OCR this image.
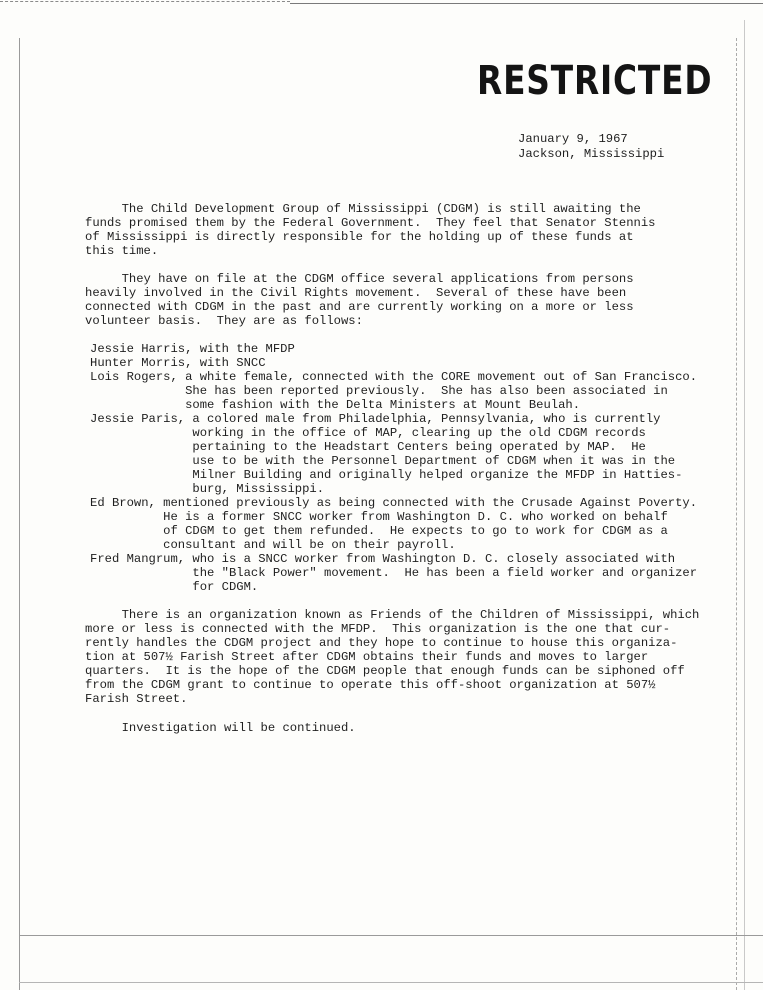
RESTRICTED
January 9, 1967
Jackson, Mississippi
The Child Development Group of Mississippi (CDGM) is still awaiting the
funds promised them by the Federal Government.  They feel that Senator Stennis
of Mississippi is directly responsible for the holding up of these funds at
this time.
They have on file at the CDGM office several applications from persons
heavily involved in the Civil Rights movement.  Several of these have been
connected with CDGM in the past and are currently working on a more or less
volunteer basis.  They are as follows:
Jessie Harris, with the MFDP
Hunter Morris, with SNCC
Lois Rogers, a white female, connected with the CORE movement out of San Francisco.
She has been reported previously.  She has also been associated in
some fashion with the Delta Ministers at Mount Beulah.
Jessie Paris, a colored male from Philadelphia, Pennsylvania, who is currently
working in the office of MAP, clearing up the old CDGM records
pertaining to the Headstart Centers being operated by MAP.  He
use to be with the Personnel Department of CDGM when it was in the
Milner Building and originally helped organize the MFDP in Hatties-
burg, Mississippi.
Ed Brown, mentioned previously as being connected with the Crusade Against Poverty.
He is a former SNCC worker from Washington D. C. who worked on behalf
of CDGM to get them refunded.  He expects to go to work for CDGM as a
consultant and will be on their payroll.
Fred Mangrum, who is a SNCC worker from Washington D. C. closely associated with
the "Black Power" movement.  He has been a field worker and organizer
for CDGM.
There is an organization known as Friends of the Children of Mississippi, which
more or less is connected with the MFDP.  This organization is the one that cur-
rently handles the CDGM project and they hope to continue to house this organiza-
tion at 507½ Farish Street after CDGM obtains their funds and moves to larger
quarters.  It is the hope of the CDGM people that enough funds can be siphoned off
from the CDGM grant to continue to operate this off-shoot organization at 507½
Farish Street.
Investigation will be continued.
